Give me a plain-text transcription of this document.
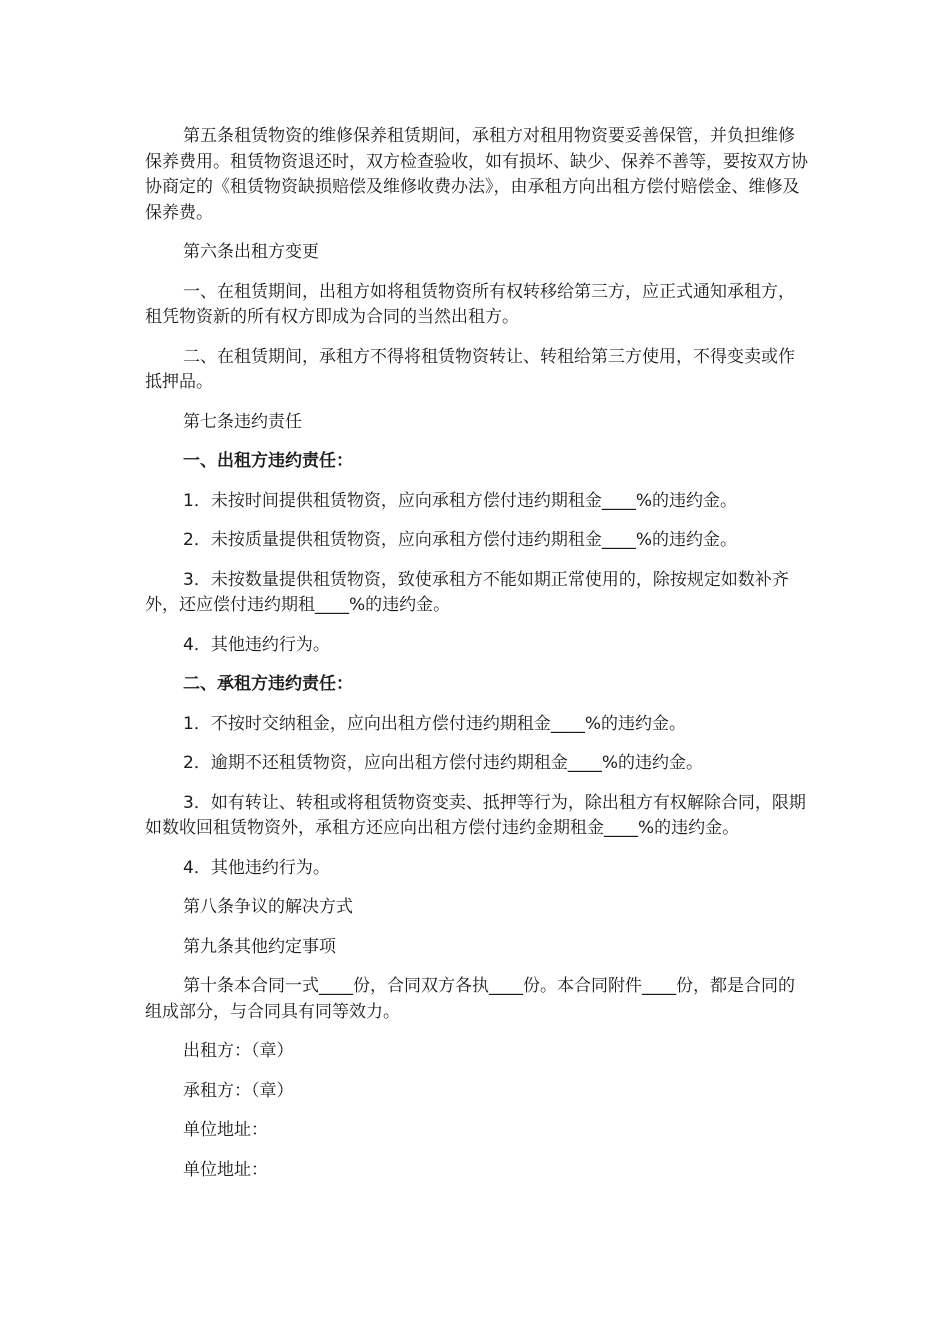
第五条租赁物资的维修保养租赁期间，承租方对租用物资要妥善保管，并负担维修保养费用。租赁物资退还时，双方检查验收，如有损坏、缺少、保养不善等，要按双方协协商定的《租赁物资缺损赔偿及维修收费办法》，由承租方向出租方偿付赔偿金、维修及保养费。

第六条出租方变更

一、在租赁期间，出租方如将租赁物资所有权转移给第三方，应正式通知承租方，租凭物资新的所有权方即成为合同的当然出租方。

二、在租赁期间，承租方不得将租赁物资转让、转租给第三方使用，不得变卖或作抵押品。

第七条违约责任

一、出租方违约责任：

1．未按时间提供租赁物资，应向承租方偿付违约期租金____%的违约金。

2．未按质量提供租赁物资，应向承租方偿付违约期租金____%的违约金。

3．未按数量提供租赁物资，致使承租方不能如期正常使用的，除按规定如数补齐外，还应偿付违约期租____%的违约金。

4．其他违约行为。

二、承租方违约责任：

1．不按时交纳租金，应向出租方偿付违约期租金____%的违约金。

2．逾期不还租赁物资，应向出租方偿付违约期租金____%的违约金。

3．如有转让、转租或将租赁物资变卖、抵押等行为，除出租方有权解除合同，限期如数收回租赁物资外，承租方还应向出租方偿付违约金期租金____%的违约金。

4．其他违约行为。

第八条争议的解决方式

第九条其他约定事项

第十条本合同一式____份，合同双方各执____份。本合同附件____份，都是合同的组成部分，与合同具有同等效力。

出租方：（章）

承租方：（章）

单位地址：

单位地址：
